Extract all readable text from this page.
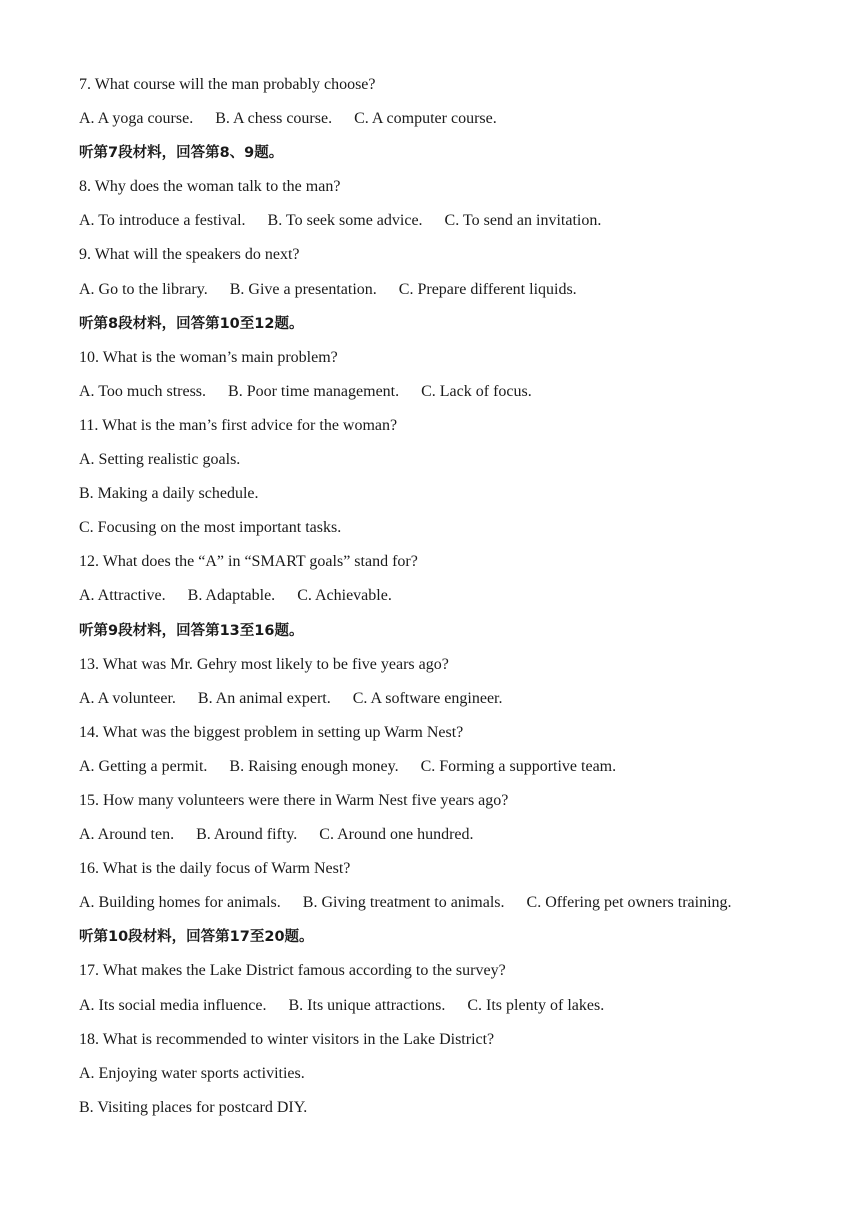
7. What course will the man probably choose?
A. A yoga course. B. A chess course. C. A computer course.
听第7段材料，回答第8、9题。
8. Why does the woman talk to the man?
A. To introduce a festival. B. To seek some advice. C. To send an invitation.
9. What will the speakers do next?
A. Go to the library. B. Give a presentation. C. Prepare different liquids.
听第8段材料，回答第10至12题。
10. What is the woman’s main problem?
A. Too much stress. B. Poor time management. C. Lack of focus.
11. What is the man’s first advice for the woman?
A. Setting realistic goals.
B. Making a daily schedule.
C. Focusing on the most important tasks.
12. What does the “A” in “SMART goals” stand for?
A. Attractive. B. Adaptable. C. Achievable.
听第9段材料，回答第13至16题。
13. What was Mr. Gehry most likely to be five years ago?
A. A volunteer. B. An animal expert. C. A software engineer.
14. What was the biggest problem in setting up Warm Nest?
A. Getting a permit. B. Raising enough money. C. Forming a supportive team.
15. How many volunteers were there in Warm Nest five years ago?
A. Around ten. B. Around fifty. C. Around one hundred.
16. What is the daily focus of Warm Nest?
A. Building homes for animals. B. Giving treatment to animals. C. Offering pet owners training.
听第10段材料，回答第17至20题。
17. What makes the Lake District famous according to the survey?
A. Its social media influence. B. Its unique attractions. C. Its plenty of lakes.
18. What is recommended to winter visitors in the Lake District?
A. Enjoying water sports activities.
B. Visiting places for postcard DIY.
